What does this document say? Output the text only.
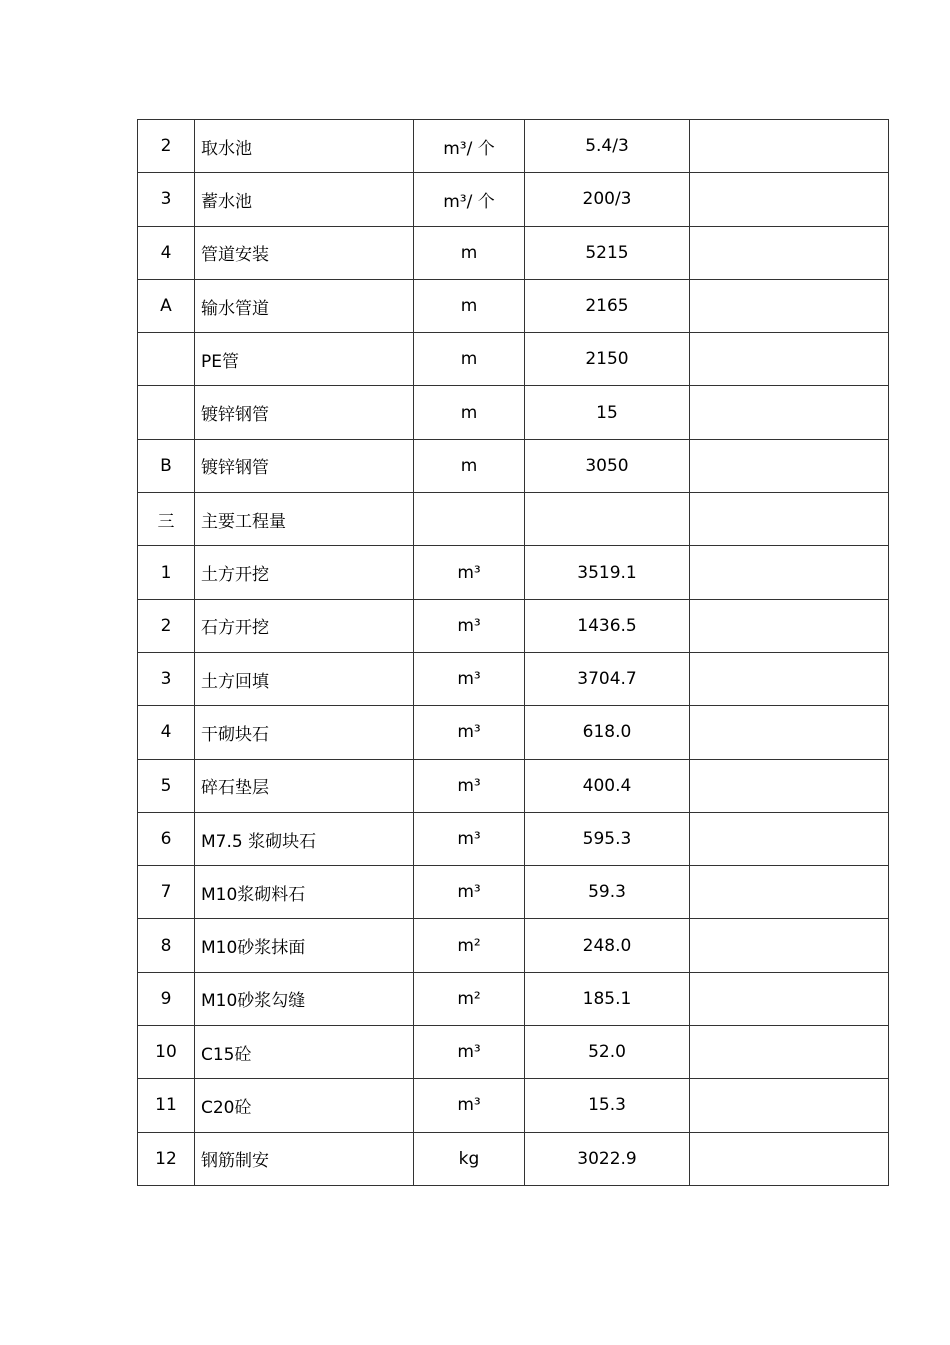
2	取水池	m³/ 个	5.4/3	
3	蓄水池	m³/ 个	200/3	
4	管道安装	m	5215	
A	输水管道	m	2165	
	PE管	m	2150	
	镀锌钢管	m	15	
B	镀锌钢管	m	3050	
三	主要工程量			
1	土方开挖	m³	3519.1	
2	石方开挖	m³	1436.5	
3	土方回填	m³	3704.7	
4	干砌块石	m³	618.0	
5	碎石垫层	m³	400.4	
6	M7.5 浆砌块石	m³	595.3	
7	M10浆砌料石	m³	59.3	
8	M10砂浆抹面	m²	248.0	
9	M10砂浆勾缝	m²	185.1	
10	C15砼	m³	52.0	
11	C20砼	m³	15.3	
12	钢筋制安	kg	3022.9	
